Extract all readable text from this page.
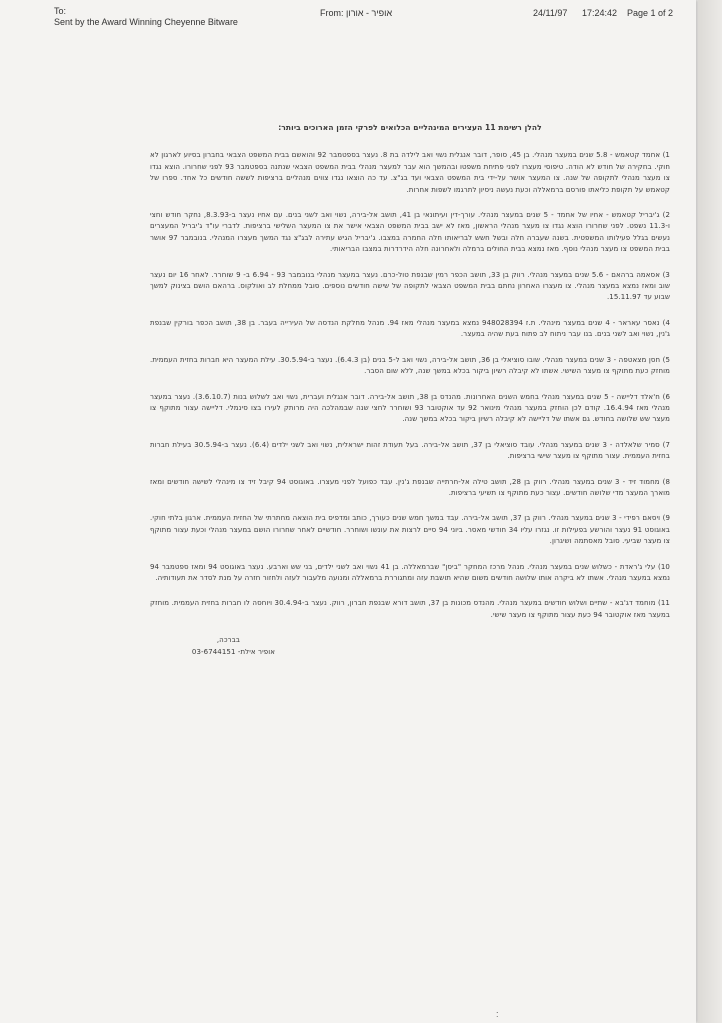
To:
Sent by the Award Winning Cheyenne Bitware
From: אופיר - אורון	24/11/97 17:24:42 Page 1 of 2
להלן רשימת 11 העצירים המינהליים הכלואים לפרקי הזמן הארוכים ביותר:
1) אחמד קטאמש - 5.8 שנים במעצר מנהלי. בן 45, סופר, דובר אנגלית נשוי ואב לילדה בת 8. נעצר בספטמבר 92 והואשם בבית המשפט הצבאי בחברון בסיוע לארגון לא חוקי. בחקירה של חודש לא הודה. טיפוסי מעצרו לפני פתיחת משפטו ובהמשך הוא עבר למעצר מנהלי בבית המשפט הצבאי שנתנה בספטמבר 93 לפני שחרורו. הוצא נגדו צו מעצר מנהלי לתקופה של שנה. צו המעצר אושר על-ידי בית המשפט הצבאי ועד בג"צ. עד כה הוצאו נגדו צווים מנהליים ברציפות לששה חודשים כל אחד. ספרו של קטאמש על תקופת כליאתו פורסם ברמאללה וכעת נעשה ניסיון לתרגמו לשפות אחרות.
2) ג'יבריל קטאמש - אחיו של אחמד - 5 שנים במעצר מנהלי. עורך-דין ועיתונאי בן 41, תושב אל-בירה, נשוי ואב לשני בנים. עם אחיו נעצר ב-8.3.93, נחקר חודש וחצי ו-11.3 נשפט. לפני שחרורו הוצא נגדו צו מעצר מנהלי הראשון, מאז לא ישב בבית המשפט הצבאי אישר את צו המעצר השלישי ברציפות. לדברי עו"ד ג'יבריל המעצרים נעשים בגלל פעילותו המשפטית. בשנה שעברה חלה ובשל חשש לבריאותו חלה החמרה במצבו. ג'יבריל הגיש עתירה לבג"צ נגד המשך מעצרו המנהלי. בנובמבר 97 אושר בבית המשפט צו מעצר מנהלי נוסף. מאז נמצא בבית החולים ברמלה ולאחרונה חלה הידרדרות במצבו הבריאותי.
3) אסאמה ברהאם - 5.6 שנים במעצר מנהלי. רווק בן 33, תושב הכפר רמין שבנפת טול-כרם. נעצר במעצר מנהלי בנובמבר 93 - 6.94 ב- 9 שוחרר. לאחר 16 יום נעצר שוב ומאז נמצא במעצר מנהלי. צו מעצרו האחרון נחתם בבית המשפט הצבאי לתקופה של שישה חודשים נוספים. סובל ממחלת לב ואולקוס. ברהאם הושם בצינוק למשך שבוע עד 15.11.97.
4) נאסר עאראר - 4 שנים במעצר מינהלי. ת.ז 948028394 נמצא במעצר מנהלי מאז 94. מנהל מחלקת הנדסה של העירייה בעבר. בן 38, תושב הכפר בורקין שבנפת ג'נין, נשוי ואב לשני בנים. בנו עבר ניתוח לב פתוח בעת שהיה במעצר.
5) חסן מצאטפה - 3 שנים במעצר מנהלי. שובו סוציאלי בן 36, תושב אל-בירה, נשוי ואב ל-5 בנים (בן 6.4.3). נעצר ב-30.5.94. עילת המעצר היא חברות בחזית העממית. מוחזק כעת מתוקף צו מעצר השישי. אשתו לא קיבלה רשיון ביקור בכלא במשך שנה, ללא שום הסבר.
6) ח'אלד דליישה - 5 שנים במעצר מנהלי בחמש השנים האחרונות. מהנדס בן 38, תושב אל-בירה. דובר אנגלית ועברית, נשוי ואב לשלוש בנות (3.6.10.7). נעצר במעצר מנהלי מאז 16.4.94. קודם לכן הוחזק במעצר מנהלי מינואר 92 עד אוקטובר 93 ושוחרר לחצי שנה שבמהלכה היה מרותק לעירו בצו סינמלי. דליישה עצור מתוקף צו מעצר שש שלושה בחודש. גם אשתו של דליישה לא קיבלה רשיון ביקור בכלא במשך שנה.
7) סמיר שלאלדה - 3 שנים במעצר מנהלי. עובד סוציאלי בן 37, תושב אל-בירה. בעל תעודת זהות ישראלית, נשוי ואב לשני ילדים (6.4). נעצר ב-30.5.94 בעילת חברות בחזית העממית. עצור מתוקף צו מעצר שישי ברציפות.
8) מחמוד זיד - 3 שנים במעצר מנהלי. רווק בן 28, תושב טילה אל-חרתייה שבנפת ג'נין. עבד כפועל לפני מעצרו. באוגוסט 94 קיבל זיד צו מינהלי לשישה חודשים ומאז מוארך המעצר מדי שלושה חודשים. עצור כעת מתוקף צו תשיעי ברציפות.
9) ויסאם רפידי - 3 שנים במעצר מנהלי. רווק בן 37, תושב אל-בירה. עבד במשך חמש שנים כעורך, כותב ומדפיס בית הוצאה מחתרתי של החזית העממית. ארגון בלתי חוקי. באוגוסט 91 נעצר והורשע בפעילות זו. נגזרו עליו 34 חודשי מאסר. ביוני 94 סיים לרצות את עונשו ושוחרר. חודשיים לאחר שחרורו הושם במעצר מנהלי וכעת עצור מתוקף צו מעצר שביעי. סובל מאסתמה ושיגרון.
10) עלי ג'ראדת - כשלוש שנים במעצר מנהלי. מנהל מרכז המחקר "ביסן" שברמאללה. בן 41 נשוי ואב לשני ילדים, בני שש וארבע. נעצר באוגוסט 94 ומאז ספטמבר 94 נמצא במעצר מנהלי. אשתו לא ביקרה אותו שלושה חודשים משום שהיא תושבת עזה ומתגוררת ברמאללה ומנועה מלעבור לעזה ולחזור חזרה על מנת לסדר את תעודותיה.
11) מוחמד דג'בא - שתיים ושלוש חודשים במעצר מנהלי. מהנדס מכונות בן 37, תושב דורא שבנפת חברון, רווק. נעצר ב-30.4.94 ויוחסה לו חברות בחזית העממית. מוחזק במעצר מאז אוקטובר 94 כעת עצור מתוקף צו מעצר שישי.
בברכה,
אופיר אילת- 03-6744151
:
